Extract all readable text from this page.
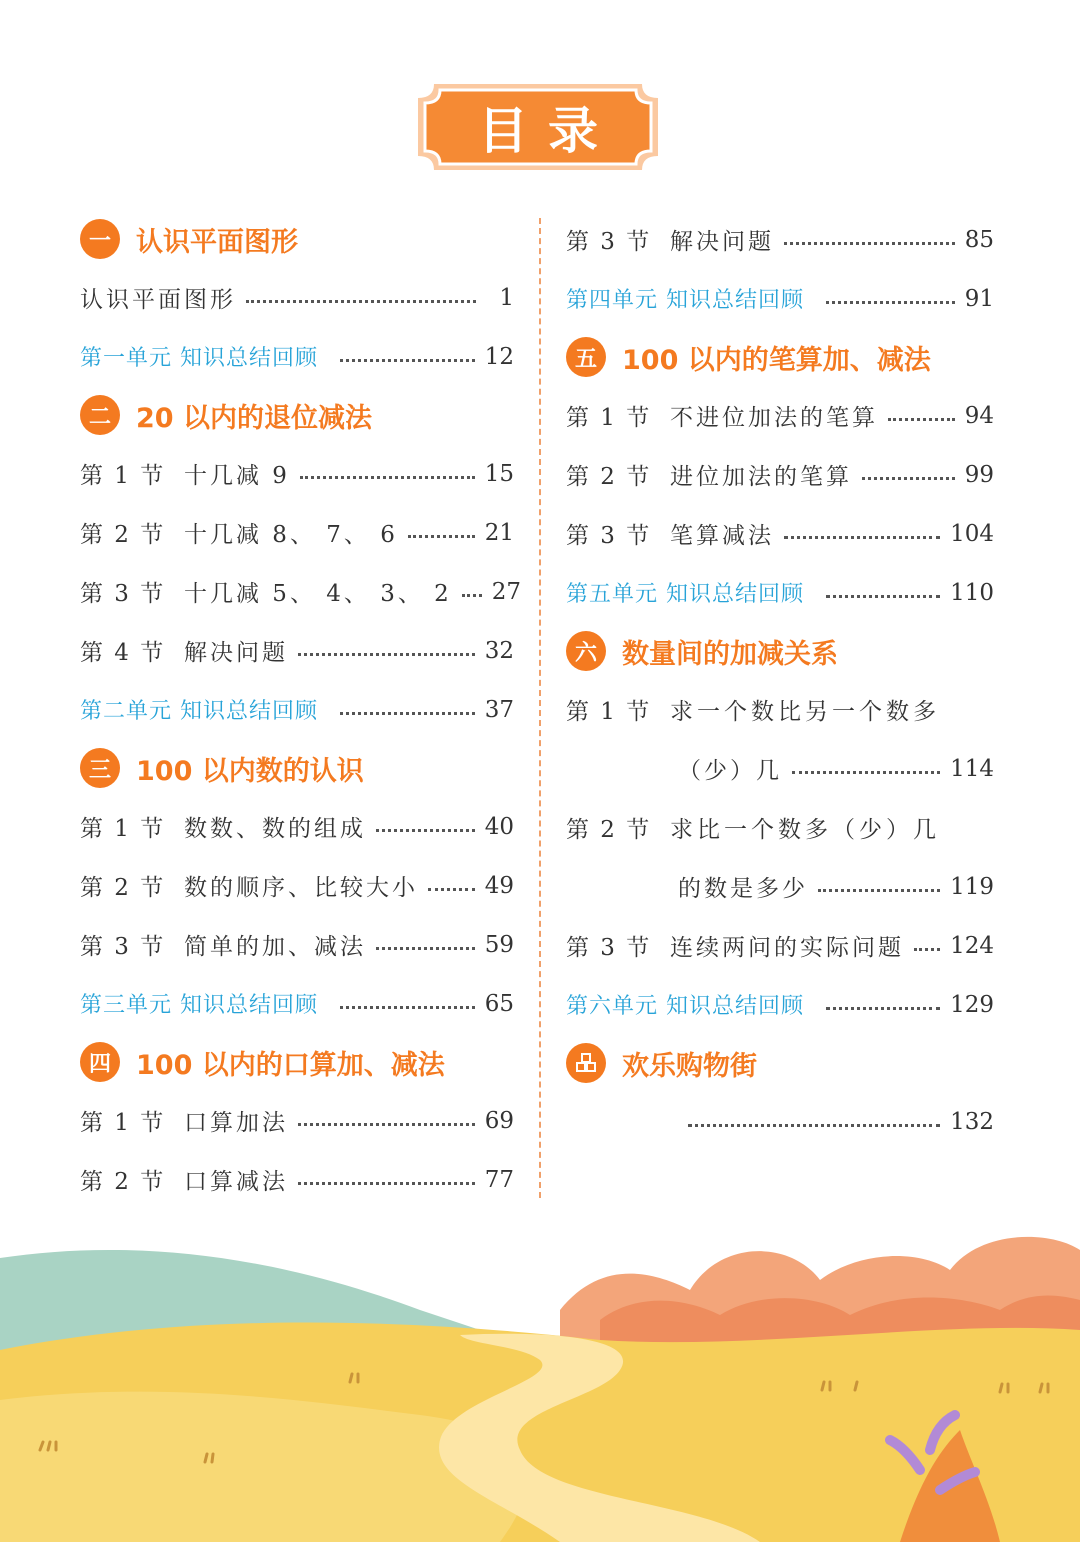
目录
一 认识平面图形
认识平面图形	1
第一单元 知识总结回顾	12
二 20 以内的退位减法
第 1 节 十几减 9	15
第 2 节 十几减 8、 7、 6	21
第 3 节 十几减 5、 4、 3、 2 27
第 4 节 解决问题	32
第二单元 知识总结回顾	37
三 100 以内数的认识
第 1 节 数数、数的组成	40
第 2 节 数的顺序、比较大小	49
第 3 节 简单的加、减法	59
第三单元 知识总结回顾	65
四 100 以内的口算加、减法
第 1 节 口算加法	69
第 2 节 口算减法	77
第 3 节 解决问题	85
第四单元 知识总结回顾	91
五 100 以内的笔算加、减法
第 1 节 不进位加法的笔算	94
第 2 节 进位加法的笔算	99
第 3 节 笔算减法	104
第五单元 知识总结回顾	110
六 数量间的加减关系
第 1 节 求一个数比另一个数多
（少）几	114
第 2 节 求比一个数多（少）几
的数是多少	119
第 3 节 连续两问的实际问题 124
第六单元 知识总结回顾	129
欢乐购物街
132
